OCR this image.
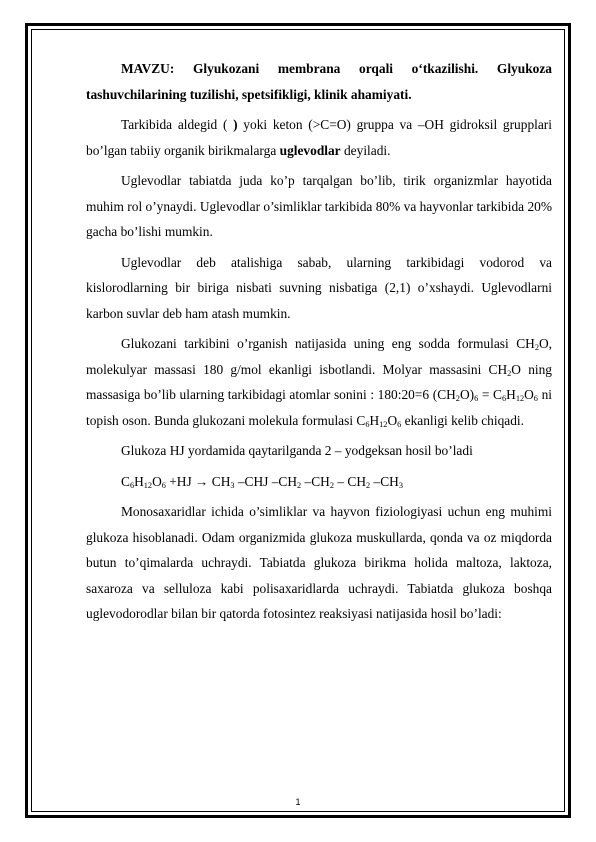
MAVZU: Glyukozani membrana orqali o‘tkazilishi. Glyukoza tashuvchilarining tuzilishi, spetsifikligi, klinik ahamiyati.

Tarkibida aldegid ( ) yoki keton (>C=O) gruppa va –OH gidroksil grupplari bo’lgan tabiiy organik birikmalarga uglevodlar deyiladi.

Uglevodlar tabiatda juda ko’p tarqalgan bo’lib, tirik organizmlar hayotida muhim rol o’ynaydi. Uglevodlar o’simliklar tarkibida 80% va hayvonlar tarkibida 20% gacha bo’lishi mumkin.

Uglevodlar deb atalishiga sabab, ularning tarkibidagi vodorod va kislorodlarning bir biriga nisbati suvning nisbatiga (2,1) o’xshaydi. Uglevodlarni karbon suvlar deb ham atash mumkin.

Glukozani tarkibini o’rganish natijasida uning eng sodda formulasi $CH_2O$, molekulyar massasi 180 g/mol ekanligi isbotlandi. Molyar massasini $CH_2O$ ning massasiga bo’lib ularning tarkibidagi atomlar sonini : 180:20=6 $(CH_2O)_6 = C_6H_{12}O_6$ ni topish oson. Bunda glukozani molekula formulasi $C_6H_{12}O_6$ ekanligi kelib chiqadi.

Glukoza HJ yordamida qaytarilganda 2 – yodgeksan hosil bo’ladi

$C_6H_{12}O_6 +HJ \to CH_3$ –CHJ $-CH_2$ $-CH_2 - CH_2$ $-CH_3$

Monosaxaridlar ichida o’simliklar va hayvon fiziologiyasi uchun eng muhimi glukoza hisoblanadi. Odam organizmida glukoza muskullarda, qonda va oz miqdorda butun to’qimalarda uchraydi. Tabiatda glukoza birikma holida maltoza, laktoza, saxaroza va selluloza kabi polisaxaridlarda uchraydi. Tabiatda glukoza boshqa uglevodorodlar bilan bir qatorda fotosintez reaksiyasi natijasida hosil bo’ladi:

1
